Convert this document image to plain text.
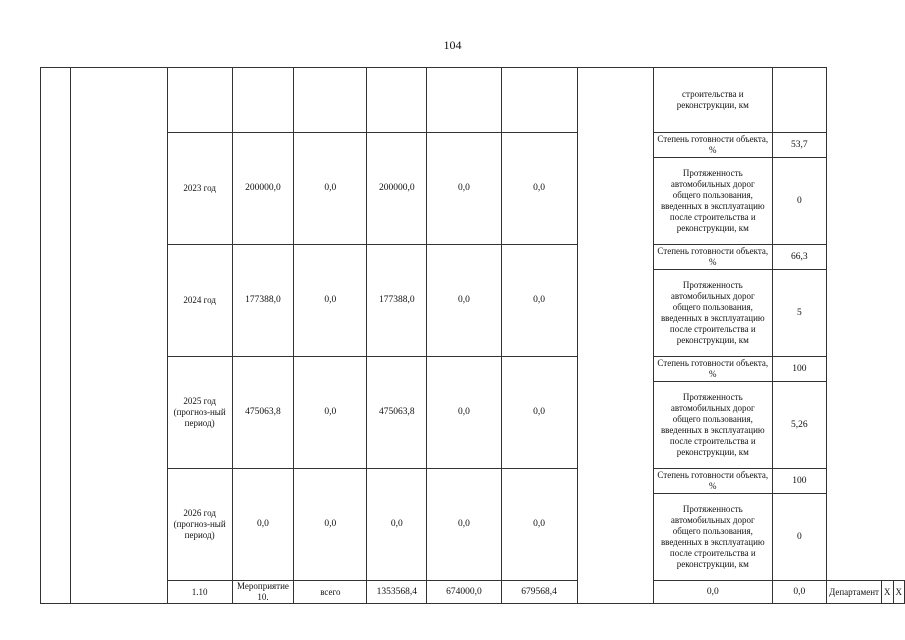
104
									строительства и реконструкции, км				
		2023 год	200000,0	0,0	200000,0	0,0	0,0		Степень готовности объекта, %	53,7			
									Протяженность автомобильных дорог общего пользования, введенных в эксплуатацию после строительства и реконструкции, км	0			
		2024 год	177388,0	0,0	177388,0	0,0	0,0		Степень готовности объекта, %	66,3			
									Протяженность автомобильных дорог общего пользования, введенных в эксплуатацию после строительства и реконструкции, км	5			
		2025 год (прогноз-ный период)	475063,8	0,0	475063,8	0,0	0,0		Степень готовности объекта, %	100			
									Протяженность автомобильных дорог общего пользования, введенных в эксплуатацию после строительства и реконструкции, км	5,26			
		2026 год (прогноз-ный период)	0,0	0,0	0,0	0,0	0,0		Степень готовности объекта, %	100			
									Протяженность автомобильных дорог общего пользования, введенных в эксплуатацию после строительства и реконструкции, км	0			
		1.10	Мероприятие 10.	всего	1353568,4	674000,0	679568,4		0,0	0,0	Департамент	Х	Х
